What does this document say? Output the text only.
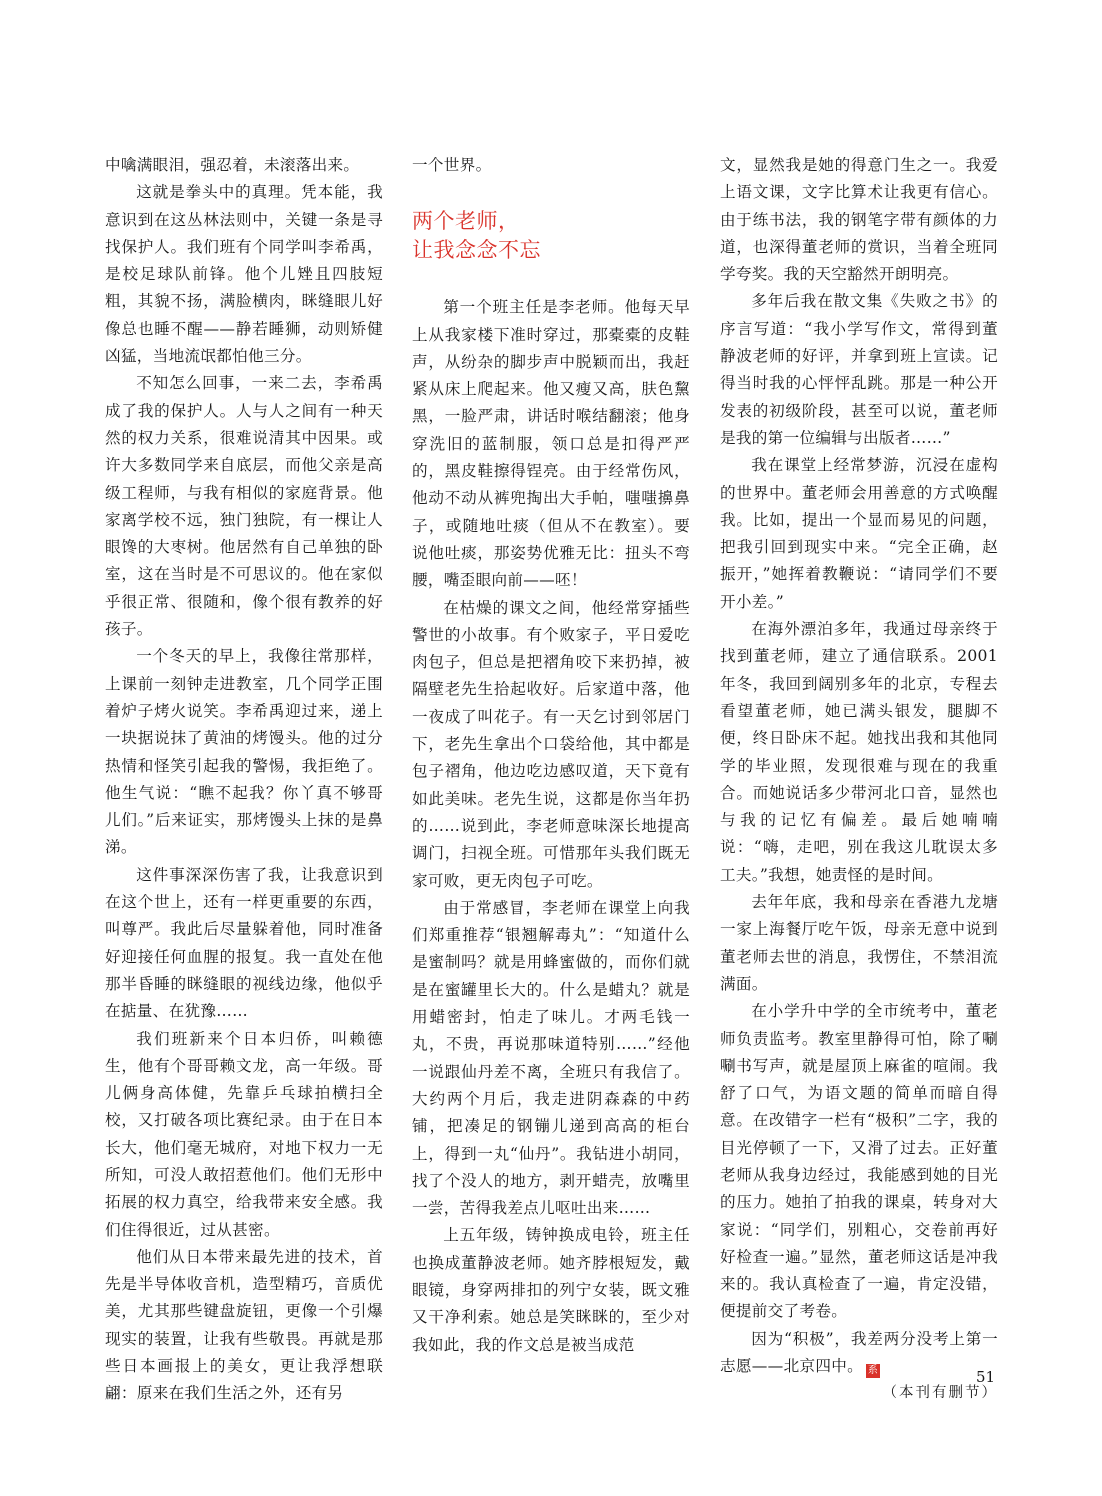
中噙满眼泪，强忍着，未滚落出来。

这就是拳头中的真理。凭本能，我意识到在这丛林法则中，关键一条是寻找保护人。我们班有个同学叫李希禹，是校足球队前锋。他个儿矬且四肢短粗，其貌不扬，满脸横肉，眯缝眼儿好像总也睡不醒——静若睡狮，动则矫健凶猛，当地流氓都怕他三分。

不知怎么回事，一来二去，李希禹成了我的保护人。人与人之间有一种天然的权力关系，很难说清其中因果。或许大多数同学来自底层，而他父亲是高级工程师，与我有相似的家庭背景。他家离学校不远，独门独院，有一棵让人眼馋的大枣树。他居然有自己单独的卧室，这在当时是不可思议的。他在家似乎很正常、很随和，像个很有教养的好孩子。

一个冬天的早上，我像往常那样，上课前一刻钟走进教室，几个同学正围着炉子烤火说笑。李希禹迎过来，递上一块据说抹了黄油的烤馒头。他的过分热情和怪笑引起我的警惕，我拒绝了。他生气说：“瞧不起我？你丫真不够哥儿们。”后来证实，那烤馒头上抹的是鼻涕。

这件事深深伤害了我，让我意识到在这个世上，还有一样更重要的东西，叫尊严。我此后尽量躲着他，同时准备好迎接任何血腥的报复。我一直处在他那半昏睡的眯缝眼的视线边缘，他似乎在掂量、在犹豫……

我们班新来个日本归侨，叫赖德生，他有个哥哥赖文龙，高一年级。哥儿俩身高体健，先靠乒乓球拍横扫全校，又打破各项比赛纪录。由于在日本长大，他们毫无城府，对地下权力一无所知，可没人敢招惹他们。他们无形中拓展的权力真空，给我带来安全感。我们住得很近，过从甚密。

他们从日本带来最先进的技术，首先是半导体收音机，造型精巧，音质优美，尤其那些键盘旋钮，更像一个引爆现实的装置，让我有些敬畏。再就是那些日本画报上的美女，更让我浮想联翩：原来在我们生活之外，还有另

一个世界。

两个老师，
让我念念不忘

第一个班主任是李老师。他每天早上从我家楼下准时穿过，那橐橐的皮鞋声，从纷杂的脚步声中脱颖而出，我赶紧从床上爬起来。他又瘦又高，肤色黧黑，一脸严肃，讲话时喉结翻滚；他身穿洗旧的蓝制服，领口总是扣得严严的，黑皮鞋擦得锃亮。由于经常伤风，他动不动从裤兜掏出大手帕，嗤嗤擤鼻子，或随地吐痰（但从不在教室）。要说他吐痰，那姿势优雅无比：扭头不弯腰，嘴歪眼向前——呸！

在枯燥的课文之间，他经常穿插些警世的小故事。有个败家子，平日爱吃肉包子，但总是把褶角咬下来扔掉，被隔壁老先生拾起收好。后家道中落，他一夜成了叫花子。有一天乞讨到邻居门下，老先生拿出个口袋给他，其中都是包子褶角，他边吃边感叹道，天下竟有如此美味。老先生说，这都是你当年扔的……说到此，李老师意味深长地提高调门，扫视全班。可惜那年头我们既无家可败，更无肉包子可吃。

由于常感冒，李老师在课堂上向我们郑重推荐“银翘解毒丸”：“知道什么是蜜制吗？就是用蜂蜜做的，而你们就是在蜜罐里长大的。什么是蜡丸？就是用蜡密封，怕走了味儿。才两毛钱一丸，不贵，再说那味道特别……”经他一说跟仙丹差不离，全班只有我信了。大约两个月后，我走进阴森森的中药铺，把凑足的钢镚儿递到高高的柜台上，得到一丸“仙丹”。我钻进小胡同，找了个没人的地方，剥开蜡壳，放嘴里一尝，苦得我差点儿呕吐出来……

上五年级，铸钟换成电铃，班主任也换成董静波老师。她齐脖根短发，戴眼镜，身穿两排扣的列宁女装，既文雅又干净利索。她总是笑眯眯的，至少对我如此，我的作文总是被当成范

文，显然我是她的得意门生之一。我爱上语文课，文字比算术让我更有信心。由于练书法，我的钢笔字带有颜体的力道，也深得董老师的赏识，当着全班同学夸奖。我的天空豁然开朗明亮。

多年后我在散文集《失败之书》的序言写道：“我小学写作文，常得到董静波老师的好评，并拿到班上宣读。记得当时我的心怦怦乱跳。那是一种公开发表的初级阶段，甚至可以说，董老师是我的第一位编辑与出版者……”

我在课堂上经常梦游，沉浸在虚构的世界中。董老师会用善意的方式唤醒我。比如，提出一个显而易见的问题，把我引回到现实中来。“完全正确，赵振开，”她挥着教鞭说：“请同学们不要开小差。”

在海外漂泊多年，我通过母亲终于找到董老师，建立了通信联系。2001年冬，我回到阔别多年的北京，专程去看望董老师，她已满头银发，腿脚不便，终日卧床不起。她找出我和其他同学的毕业照，发现很难与现在的我重合。而她说话多少带河北口音，显然也与我的记忆有偏差。最后她喃喃说：“嗨，走吧，别在我这儿耽误太多工夫。”我想，她责怪的是时间。

去年年底，我和母亲在香港九龙塘一家上海餐厅吃午饭，母亲无意中说到董老师去世的消息，我愣住，不禁泪流满面。

在小学升中学的全市统考中，董老师负责监考。教室里静得可怕，除了唰唰书写声，就是屋顶上麻雀的喧闹。我舒了口气，为语文题的简单而暗自得意。在改错字一栏有“极积”二字，我的目光停顿了一下，又滑了过去。正好董老师从我身边经过，我能感到她的目光的压力。她拍了拍我的课桌，转身对大家说：“同学们，别粗心，交卷前再好好检查一遍。”显然，董老师这话是冲我来的。我认真检查了一遍，肯定没错，便提前交了考卷。

因为“积极”，我差两分没考上第一志愿——北京四中。 系

（本刊有删节）

51
